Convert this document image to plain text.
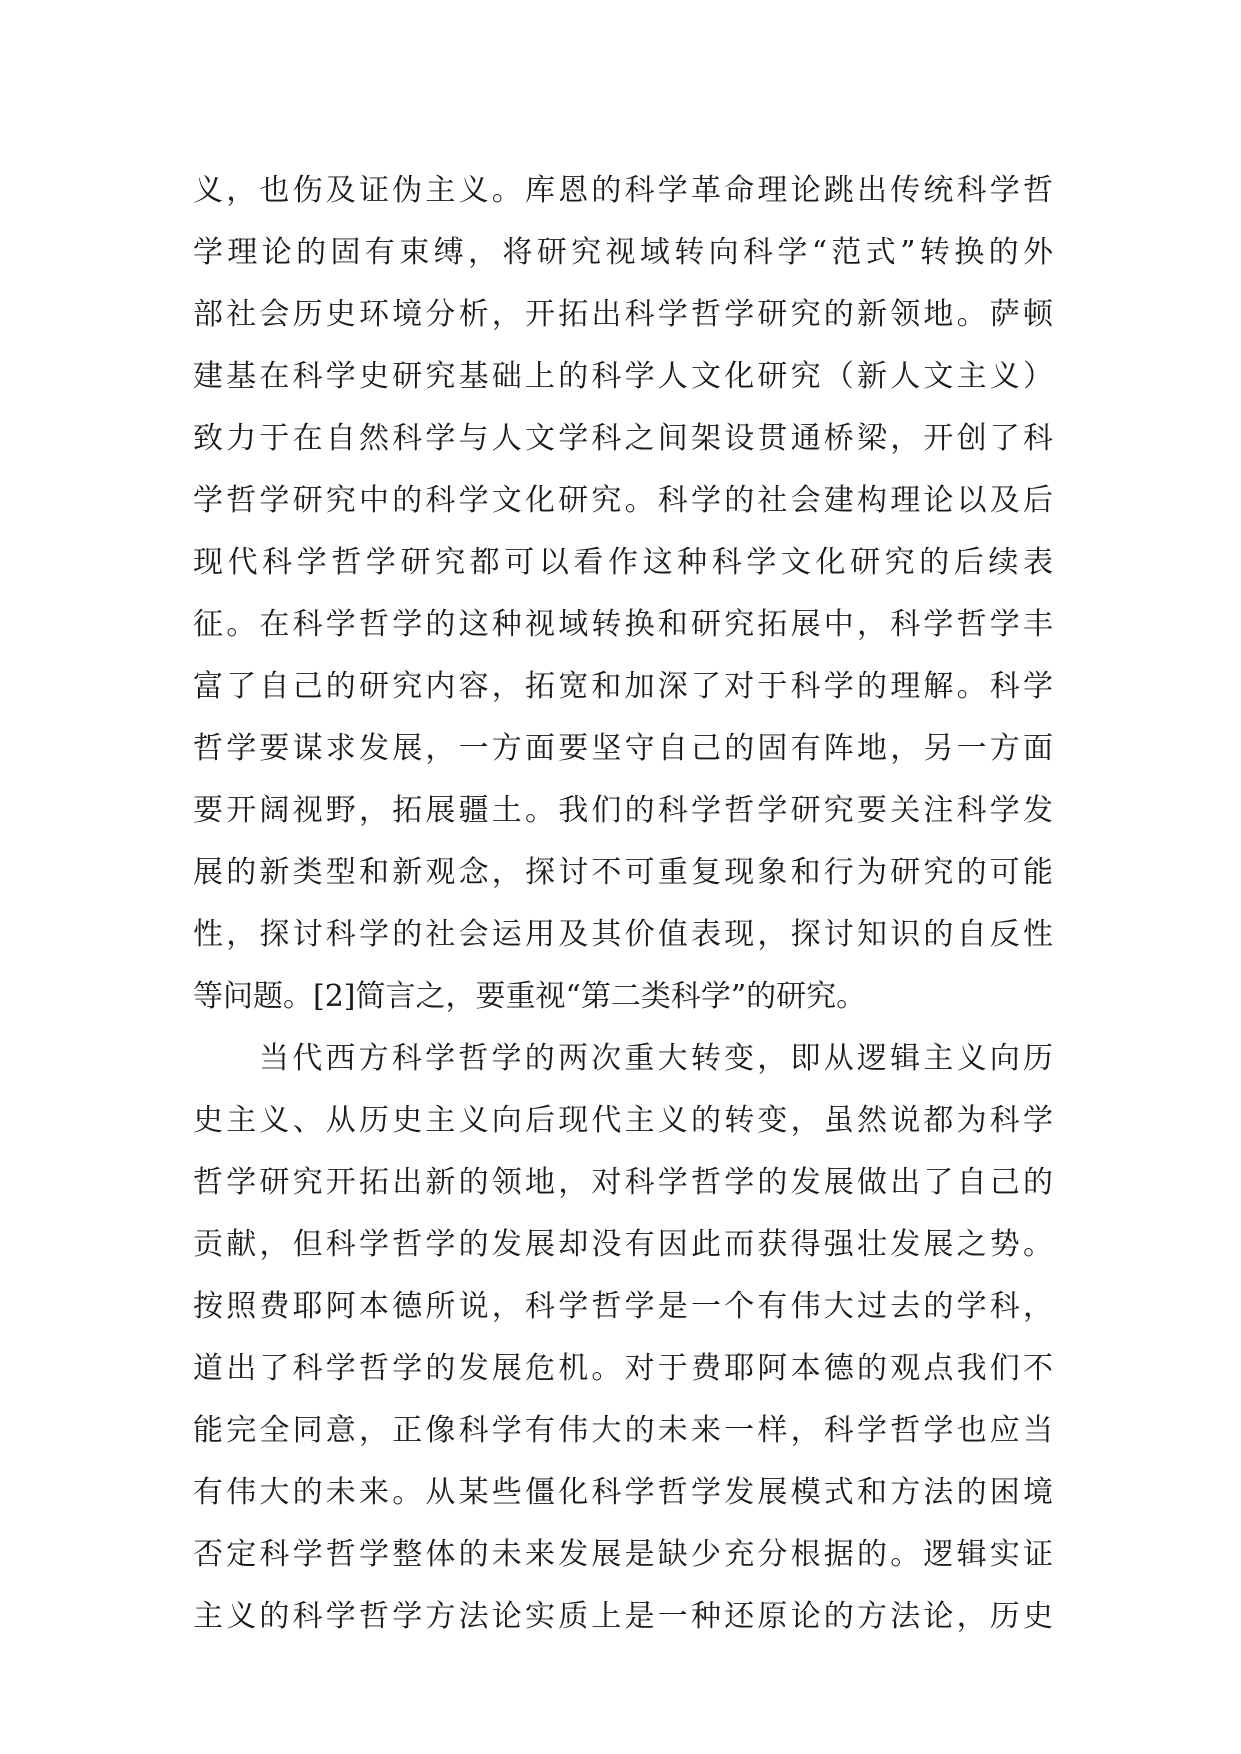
义，也伤及证伪主义。库恩的科学革命理论跳出传统科学哲
学理论的固有束缚，将研究视域转向科学“范式”转换的外
部社会历史环境分析，开拓出科学哲学研究的新领地。萨顿
建基在科学史研究基础上的科学人文化研究（新人文主义）
致力于在自然科学与人文学科之间架设贯通桥梁，开创了科
学哲学研究中的科学文化研究。科学的社会建构理论以及后
现代科学哲学研究都可以看作这种科学文化研究的后续表
征。在科学哲学的这种视域转换和研究拓展中，科学哲学丰
富了自己的研究内容，拓宽和加深了对于科学的理解。科学
哲学要谋求发展，一方面要坚守自己的固有阵地，另一方面
要开阔视野，拓展疆土。我们的科学哲学研究要关注科学发
展的新类型和新观念，探讨不可重复现象和行为研究的可能
性，探讨科学的社会运用及其价值表现，探讨知识的自反性
等问题。[2]简言之，要重视“第二类科学”的研究。
当代西方科学哲学的两次重大转变，即从逻辑主义向历
史主义、从历史主义向后现代主义的转变，虽然说都为科学
哲学研究开拓出新的领地，对科学哲学的发展做出了自己的
贡献，但科学哲学的发展却没有因此而获得强壮发展之势。
按照费耶阿本德所说，科学哲学是一个有伟大过去的学科，
道出了科学哲学的发展危机。对于费耶阿本德的观点我们不
能完全同意，正像科学有伟大的未来一样，科学哲学也应当
有伟大的未来。从某些僵化科学哲学发展模式和方法的困境
否定科学哲学整体的未来发展是缺少充分根据的。逻辑实证
主义的科学哲学方法论实质上是一种还原论的方法论，历史
